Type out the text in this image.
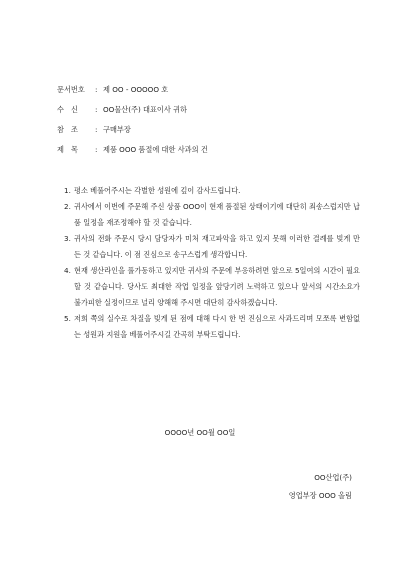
문서번호 : 제 OO - OOOOO 호
수신 : OO물산(주) 대표이사 귀하
참조 : 구매부장
제목 : 제품 OOO 품절에 대한 사과의 건
1. 평소 베풀어주시는 각별한 성원에 깊이 감사드립니다.
2. 귀사에서 이번에 주문해 주신 상품 OOO이 현재 품절된 상태이기에 대단히 죄송스럽지만 납품 일정을 재조정해야 할 것 같습니다.
3. 귀사의 전화 주문시 당시 담당자가 미처 재고파악을 하고 있지 못해 이러한 결례를 빚게 만든 것 같습니다. 이 점 진심으로 송구스럽게 생각합니다.
4. 현재 생산라인을 풀가동하고 있지만 귀사의 주문에 부응하려면 앞으로 5일여의 시간이 필요할 것 같습니다. 당사도 최대한 작업 일정을 앞당기려 노력하고 있으나 앞서의 시간소요가 불가피한 실정이므로 널리 양해해 주시면 대단히 감사하겠습니다.
5. 저희 쪽의 실수로 차질을 빚게 된 점에 대해 다시 한 번 진심으로 사과드리며 모쪼록 변함없는 성원과 지원을 베풀어주시길 간곡히 부탁드립니다.
OOOO년 OO월 OO일
OO산업(주)
영업부장 OOO 올림
